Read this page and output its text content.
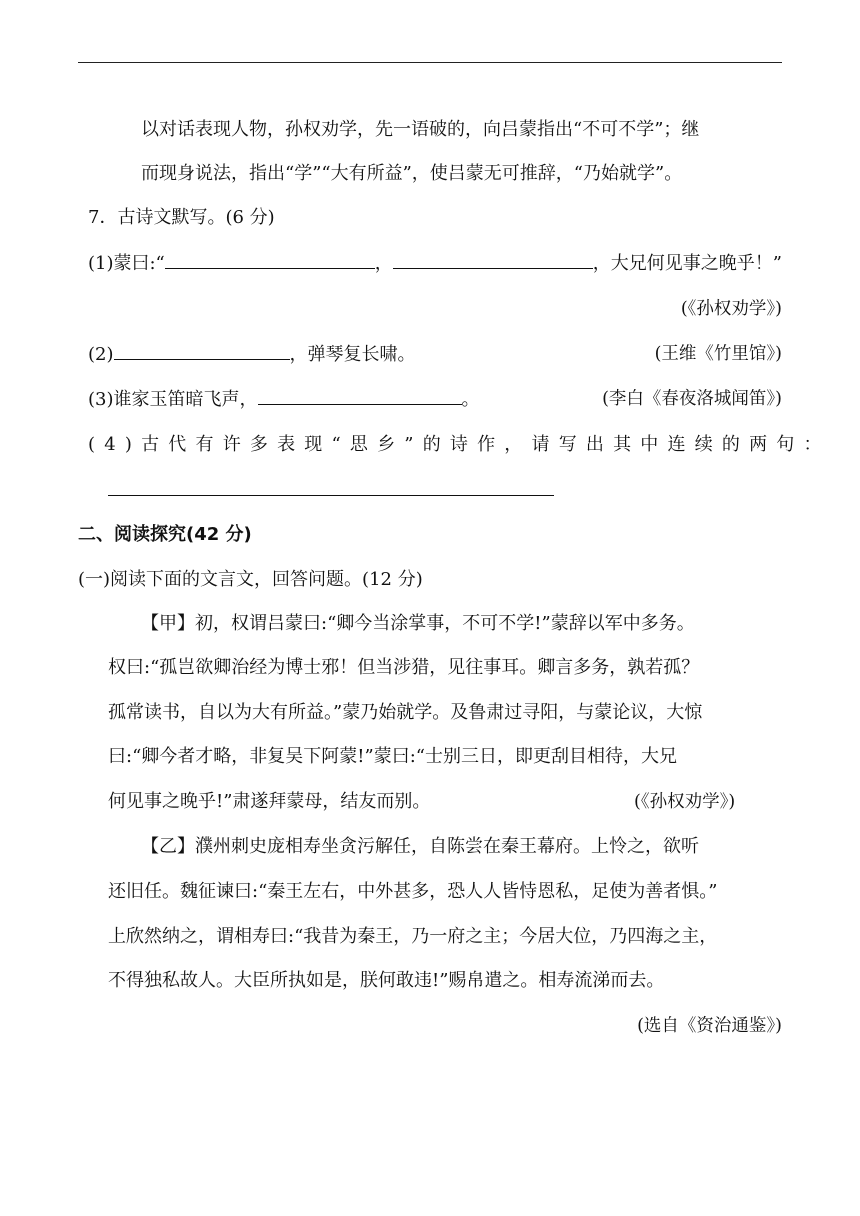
以对话表现人物，孙权劝学，先一语破的，向吕蒙指出“不可不学”；继
而现身说法，指出“学”“大有所益”，使吕蒙无可推辞，“乃始就学”。
7．古诗文默写。(6 分)
(1)蒙曰:“	，	，大兄何见事之晚乎！”
(《孙权劝学》)
(2)	，弹琴复长啸。	(王维《竹里馆》)
(3)谁家玉笛暗飞声，	。	(李白《春夜洛城闻笛》)
(4)古代有许多表现“思乡”的诗作，请写出其中连续的两句：
二、阅读探究(42 分)
(一)阅读下面的文言文，回答问题。(12 分)
【甲】初，权谓吕蒙曰:“卿今当涂掌事，不可不学!”蒙辞以军中多务。
权曰:“孤岂欲卿治经为博士邪！但当涉猎，见往事耳。卿言多务，孰若孤？
孤常读书，自以为大有所益。”蒙乃始就学。及鲁肃过寻阳，与蒙论议，大惊
曰:“卿今者才略，非复吴下阿蒙!”蒙曰:“士别三日，即更刮目相待，大兄
何见事之晚乎!”肃遂拜蒙母，结友而别。	(《孙权劝学》)
【乙】濮州刺史庞相寿坐贪污解任，自陈尝在秦王幕府。上怜之，欲听
还旧任。魏征谏曰:“秦王左右，中外甚多，恐人人皆恃恩私，足使为善者惧。”
上欣然纳之，谓相寿曰:“我昔为秦王，乃一府之主；今居大位，乃四海之主，
不得独私故人。大臣所执如是，朕何敢违!”赐帛遣之。相寿流涕而去。
(选自《资治通鉴》)
